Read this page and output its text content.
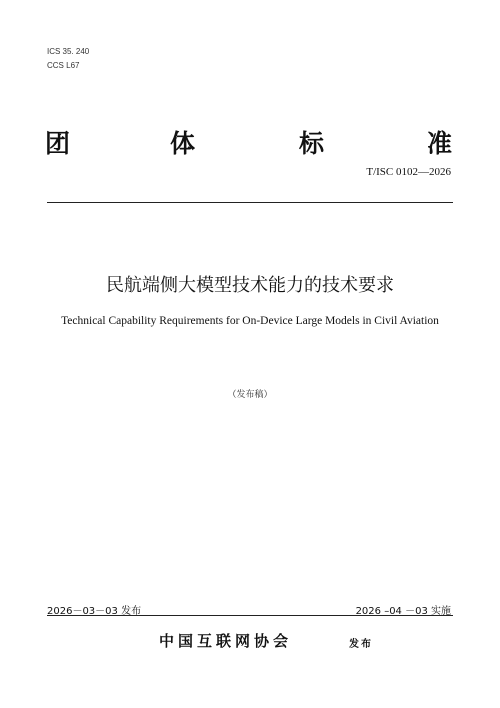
ICS 35. 240
CCS L67
团	体	标	准
T/ISC 0102—2026
民航端侧大模型技术能力的技术要求
Technical Capability Requirements for On-Device Large Models in Civil Aviation
（发布稿）
2026－03－03 发布	2026 –04 －03 实施
中国互联网协会	发布
